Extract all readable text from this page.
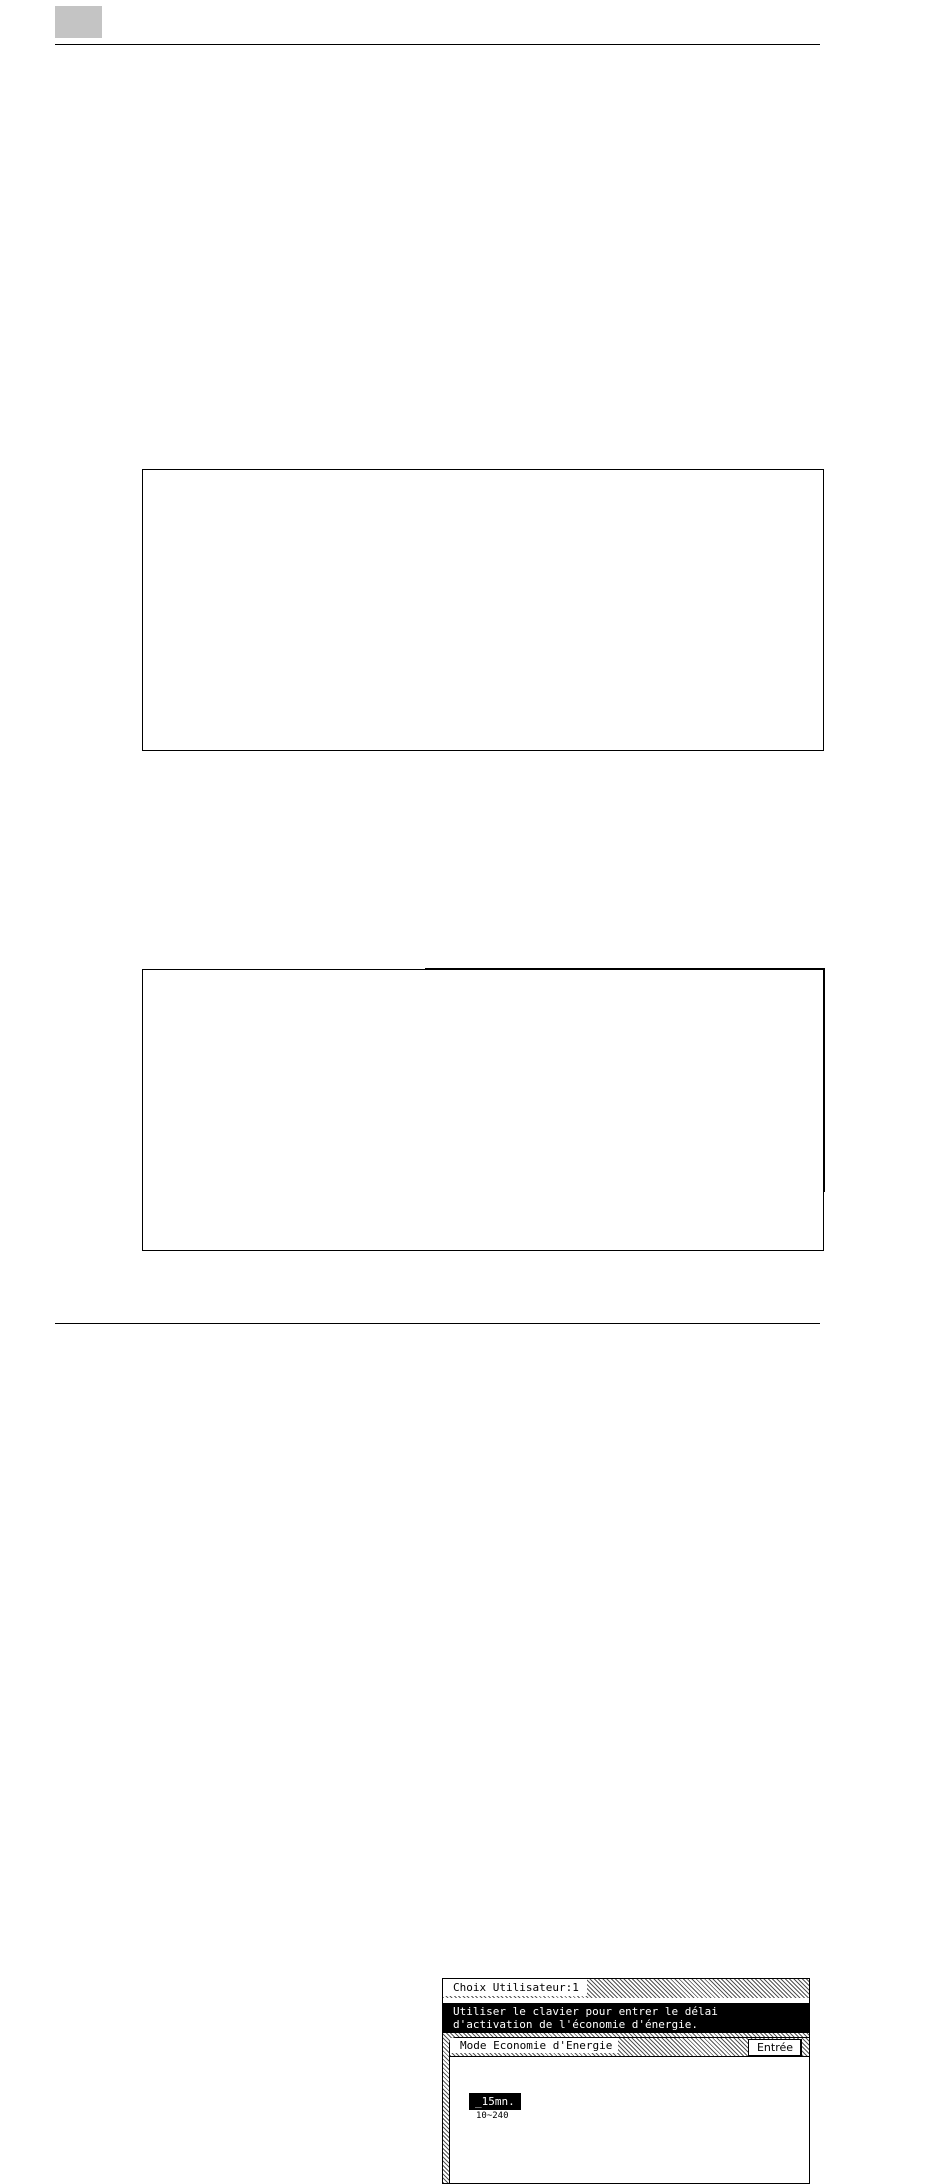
Choix Utilisateur:1
Utiliser le clavier pour entrer le délai
d'activation de l'économie d'énergie.
Mode Economie d'Energie	Entrée
_15mn.
10~240
